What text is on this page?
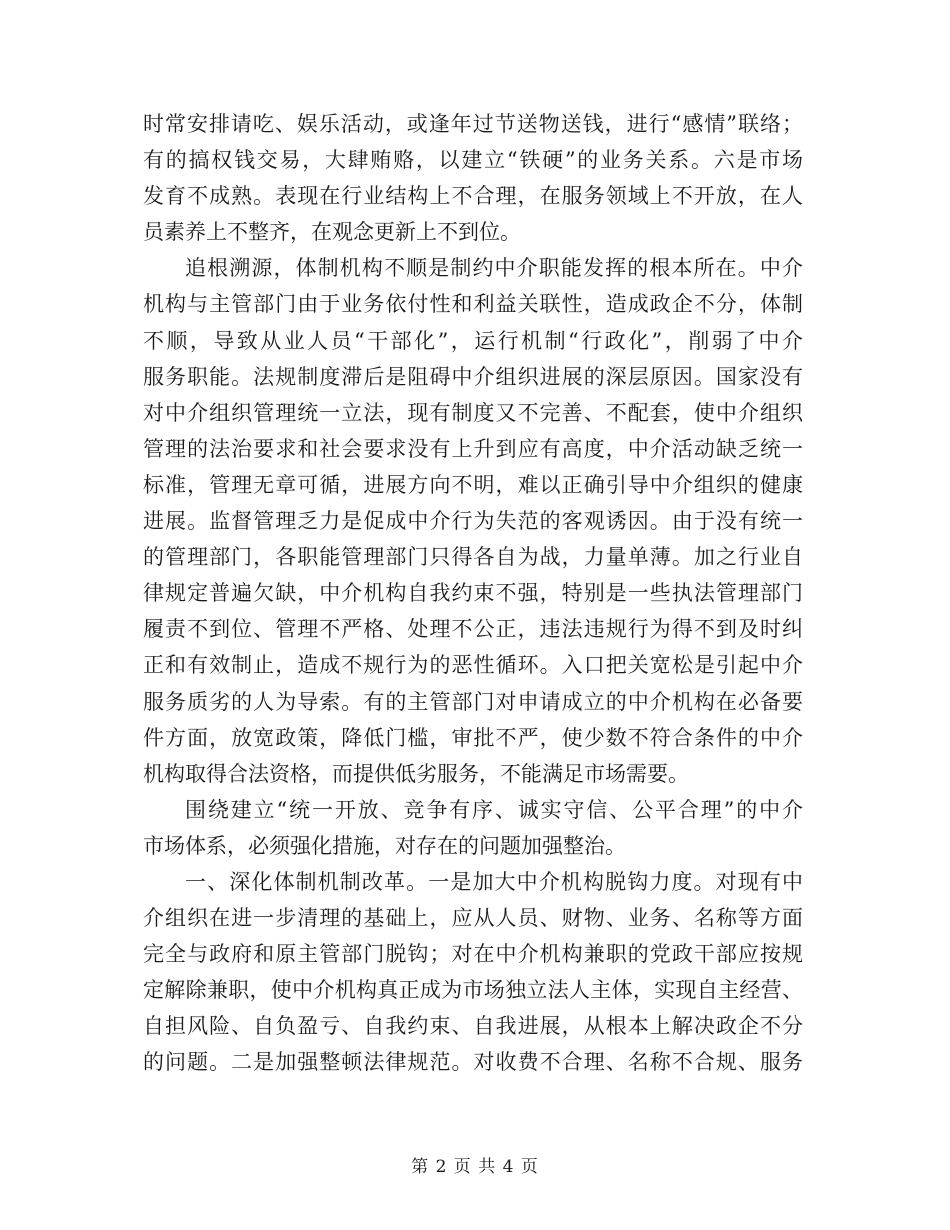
时常安排请吃、娱乐活动，或逢年过节送物送钱，进行“感情”联络；
有的搞权钱交易，大肆贿赂，以建立“铁硬”的业务关系。六是市场
发育不成熟。表现在行业结构上不合理，在服务领域上不开放，在人
员素养上不整齐，在观念更新上不到位。
追根溯源，体制机构不顺是制约中介职能发挥的根本所在。中介
机构与主管部门由于业务依付性和利益关联性，造成政企不分，体制
不顺，导致从业人员“干部化”，运行机制“行政化”，削弱了中介
服务职能。法规制度滞后是阻碍中介组织进展的深层原因。国家没有
对中介组织管理统一立法，现有制度又不完善、不配套，使中介组织
管理的法治要求和社会要求没有上升到应有高度，中介活动缺乏统一
标准，管理无章可循，进展方向不明，难以正确引导中介组织的健康
进展。监督管理乏力是促成中介行为失范的客观诱因。由于没有统一
的管理部门，各职能管理部门只得各自为战，力量单薄。加之行业自
律规定普遍欠缺，中介机构自我约束不强，特别是一些执法管理部门
履责不到位、管理不严格、处理不公正，违法违规行为得不到及时纠
正和有效制止，造成不规行为的恶性循环。入口把关宽松是引起中介
服务质劣的人为导索。有的主管部门对申请成立的中介机构在必备要
件方面，放宽政策，降低门槛，审批不严，使少数不符合条件的中介
机构取得合法资格，而提供低劣服务，不能满足市场需要。
围绕建立“统一开放、竞争有序、诚实守信、公平合理”的中介
市场体系，必须强化措施，对存在的问题加强整治。
一、深化体制机制改革。一是加大中介机构脱钩力度。对现有中
介组织在进一步清理的基础上，应从人员、财物、业务、名称等方面
完全与政府和原主管部门脱钩；对在中介机构兼职的党政干部应按规
定解除兼职，使中介机构真正成为市场独立法人主体，实现自主经营、
自担风险、自负盈亏、自我约束、自我进展，从根本上解决政企不分
的问题。二是加强整顿法律规范。对收费不合理、名称不合规、服务
第 2 页 共 4 页
